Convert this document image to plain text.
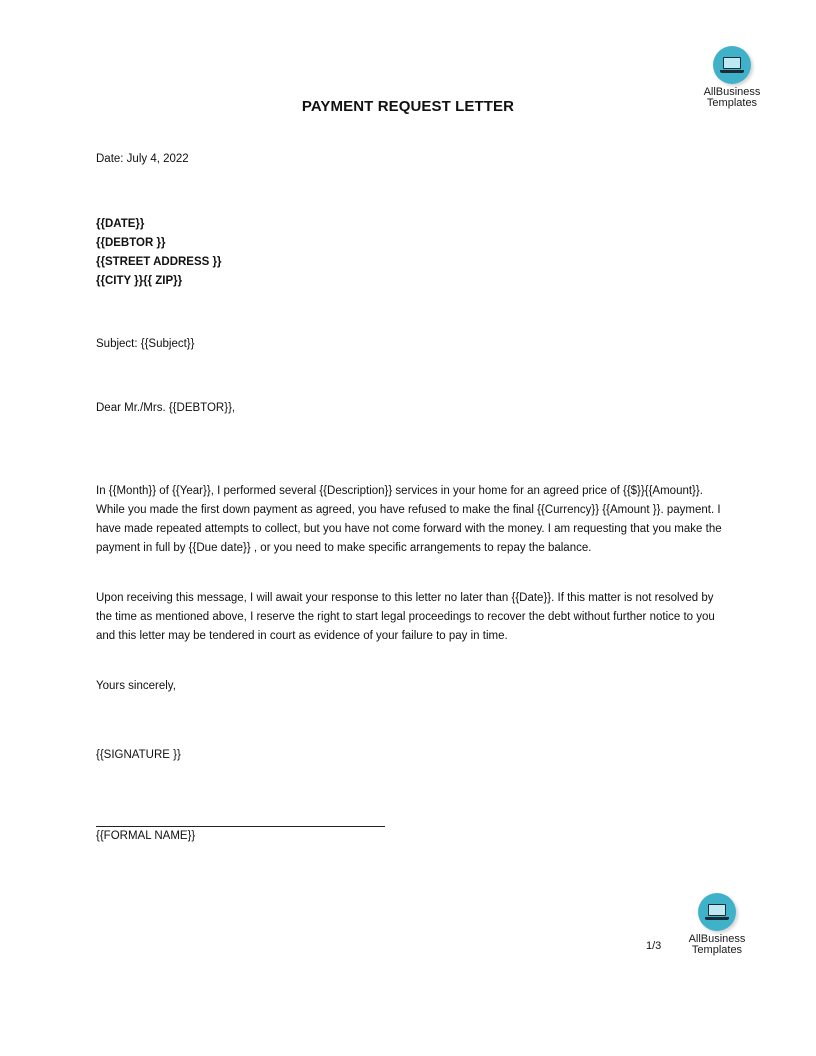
AllBusiness
Templates
PAYMENT REQUEST LETTER
Date: July 4, 2022
{{DATE}}
{{DEBTOR }}
{{STREET ADDRESS }}
{{CITY }}{{ ZIP}}
Subject: {{Subject}}
Dear Mr./Mrs. {{DEBTOR}},
In {{Month}} of {{Year}}, I performed several {{Description}} services in your home for an agreed price of {{$}}{{Amount}}. While you made the first down payment as agreed, you have refused to make the final {{Currency}} {{Amount }}. payment. I have made repeated attempts to collect, but you have not come forward with the money. I am requesting that you make the payment in full by {{Due date}} , or you need to make specific arrangements to repay the balance.
Upon receiving this message, I will await your response to this letter no later than {{Date}}. If this matter is not resolved by the time as mentioned above, I reserve the right to start legal proceedings to recover the debt without further notice to you and this letter may be tendered in court as evidence of your failure to pay in time.
Yours sincerely,
{{SIGNATURE }}
{{FORMAL NAME}}
1/3
AllBusiness
Templates
